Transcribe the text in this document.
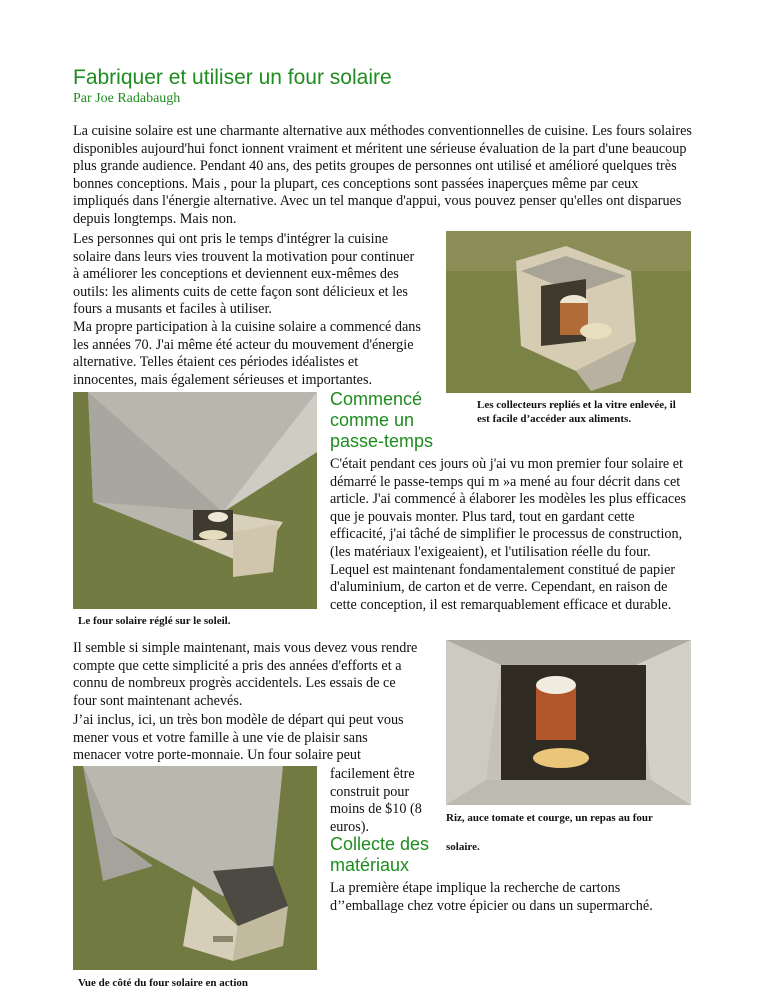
Fabriquer et utiliser un four solaire
Par Joe Radabaugh

La cuisine solaire est une charmante alternative aux méthodes conventionnelles de cuisine. Les fours solaires disponibles aujourd'hui fonct ionnent vraiment et méritent une sérieuse évaluation de la part d'une beaucoup plus grande audience. Pendant 40 ans, des petits groupes de personnes ont utilisé et amélioré quelques très bonnes conceptions. Mais , pour la plupart, ces conceptions sont passées inaperçues même par ceux impliqués dans l'énergie alternative. Avec un tel manque d'appui, vous pouvez penser qu'elles ont disparues depuis longtemps. Mais non.

Les personnes qui ont pris le temps d'intégrer la cuisine solaire dans leurs vies trouvent la motivation pour continuer à améliorer les conceptions et deviennent eux-mêmes des outils: les aliments cuits de cette façon sont délicieux et les fours a musants et faciles à utiliser.

Ma propre participation à la cuisine solaire a commencé dans les années 70. J'ai même été acteur du mouvement d'énergie alternative. Telles étaient ces périodes idéalistes et innocentes, mais également sérieuses et importantes.

Les collecteurs repliés et la vitre enlevée, il est facile d’accéder aux aliments.
Le four solaire réglé sur le soleil.
Commencé comme un passe-temps

C'était pendant ces jours où j'ai vu mon premier four solaire et démarré le passe-temps qui m »a mené au four décrit dans cet article. J'ai commencé à élaborer les modèles les plus efficaces que je pouvais monter. Plus tard, tout en gardant cette efficacité, j'ai tâché de simplifier le processus de construction, (les matériaux l'exigeaient), et l'utilisation réelle du four. Lequel est maintenant fondamentalement constitué de papier d'aluminium, de carton et de verre. Cependant, en raison de cette conception, il est remarquablement efficace et durable.

Il semble si simple maintenant, mais vous devez vous rendre compte que cette simplicité a pris des années d'efforts et a connu de nombreux progrès accidentels. Les essais de ce four sont maintenant achevés.

J’ai inclus, ici, un très bon modèle de départ qui peut vous mener vous et votre famille à une vie de plaisir sans menacer votre porte-monnaie. Un four solaire peut

facilement être construit pour moins de $10 (8 euros).

Riz, auce tomate et courge, un repas au four
solaire.
Collecte des matériaux

La première étape implique la recherche de cartons d’’emballage chez votre épicier ou dans un supermarché.

Vue de côté du four solaire en action
